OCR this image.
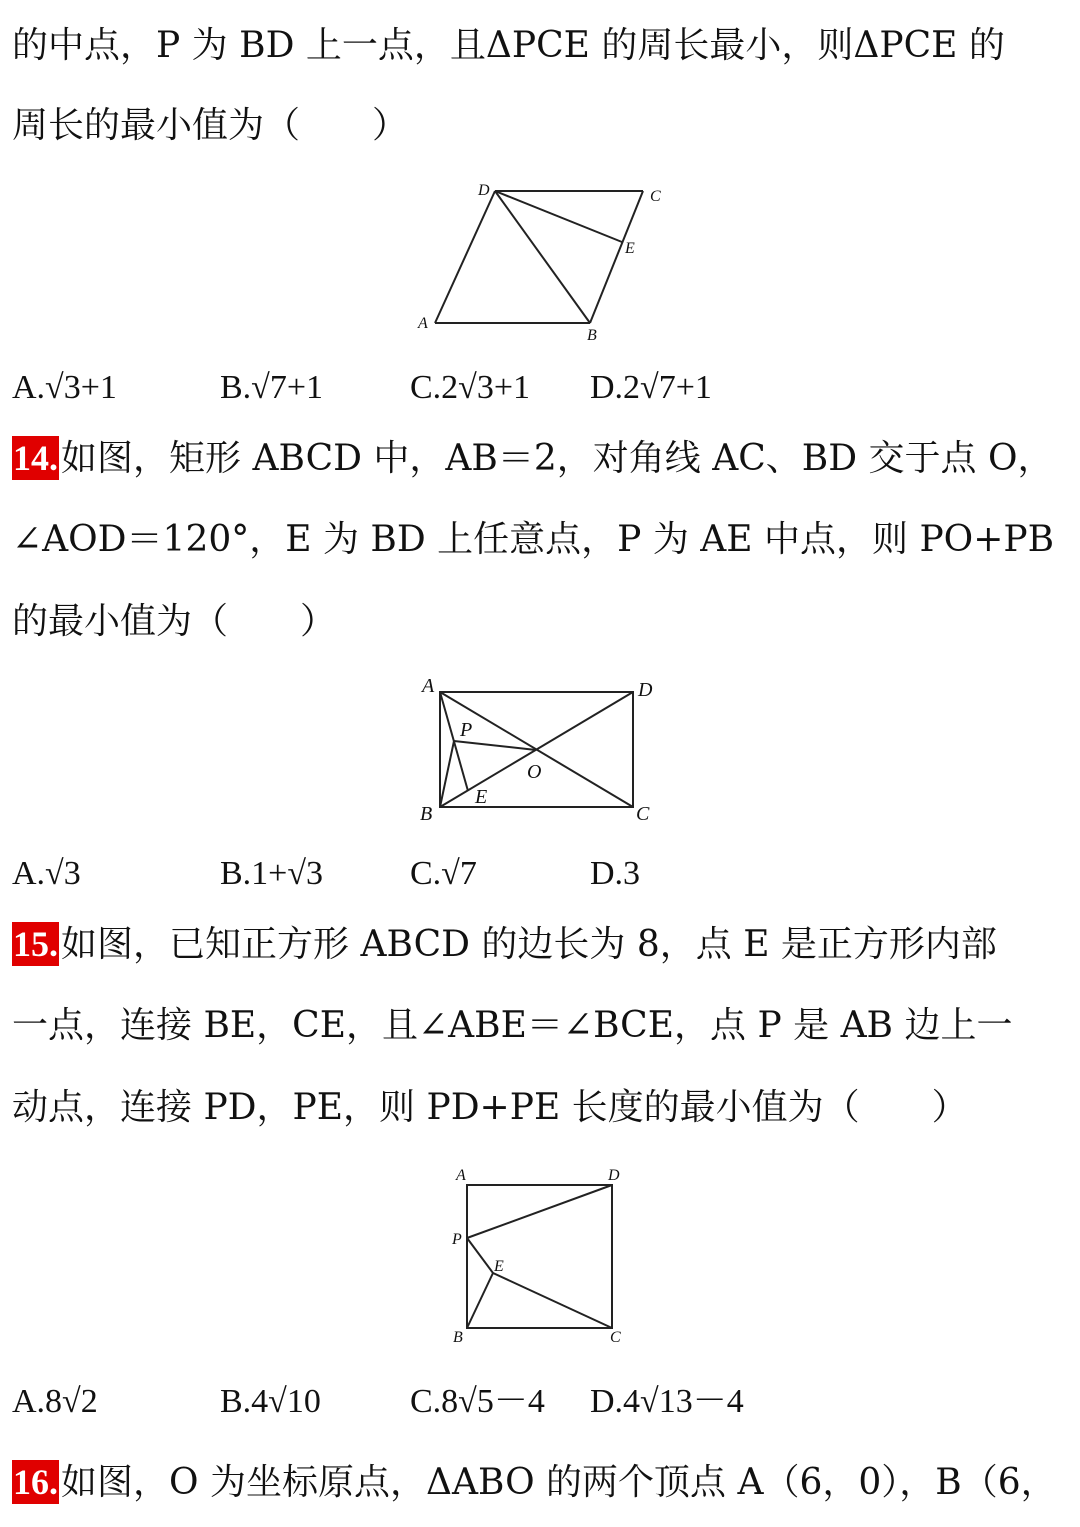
的中点，P 为 BD 上一点，且ΔPCE 的周长最小，则ΔPCE 的
周长的最小值为（　　）
D	C
E
A
B
A.√3+1	B.√7+1	C.2√3+1 D.2√7+1
14.如图，矩形 ABCD 中，AB＝2，对角线 AC、BD 交于点 O，
∠AOD＝120°，E 为 BD 上任意点，P 为 AE 中点，则 PO+PB
的最小值为（　　）
A	D
P
O
E
B	C
A.√3	B.1+√3	C.√7	D.3
15.如图，已知正方形 ABCD 的边长为 8，点 E 是正方形内部
一点，连接 BE，CE，且∠ABE＝∠BCE，点 P 是 AB 边上一
动点，连接 PD，PE，则 PD+PE 长度的最小值为（　　）
A	D
P
E
B	C
A.8√2	B.4√10	C.8√5－4 D.4√13－4
16.如图，O 为坐标原点，ΔABO 的两个顶点 A（6，0），B（6，
